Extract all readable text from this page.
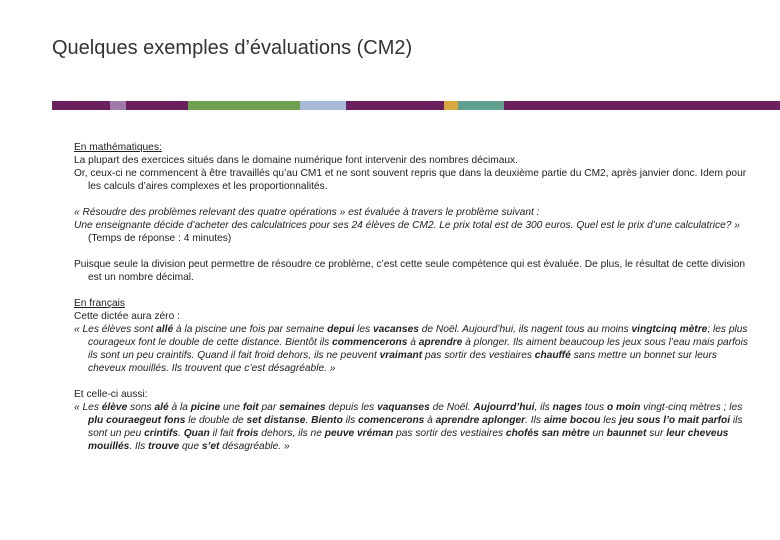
Quelques exemples d’évaluations (CM2)

En mathématiques:

La plupart des exercices situés dans le domaine numérique font intervenir des nombres décimaux.

Or, ceux-ci ne commencent à être travaillés qu’au CM1 et ne sont souvent repris que dans la deuxième partie du CM2, après janvier donc. Idem pour les calculs d’aires complexes et les proportionnalités.

« Résoudre des problèmes relevant des quatre opérations » est évaluée à travers le problème suivant :

Une enseignante décide d’acheter des calculatrices pour ses 24 élèves de CM2. Le prix total est de 300 euros. Quel est le prix d’une calculatrice? » (Temps de réponse : 4 minutes)

Puisque seule la division peut permettre de résoudre ce problème, c’est cette seule compétence qui est évaluée. De plus, le résultat de cette division est un nombre décimal.

En français

Cette dictée aura zéro :

« Les élèves sont allé à la piscine une fois par semaine depui les vacanses de Noël. Aujourd’hui, ils nagent tous au moins vingtcinq mètre; les plus courageux font le double de cette distance. Bientôt ils commencerons à aprendre à plonger. Ils aiment beaucoup les jeux sous l’eau mais parfois ils sont un peu craintifs. Quand il fait froid dehors, ils ne peuvent vraimant pas sortir des vestiaires chauffé sans mettre un bonnet sur leurs cheveux mouillés. Ils trouvent que c’est désagréable. »

Et celle-ci aussi:

« Les élève sons alé à la picine une foit par semaines depuis les vaquanses de Noël. Aujourrd’hui, ils nages tous o moin vingt-cinq mètres ; les plu couraegeut fons le double de set distanse. Biento ils comencerons à aprendre aplonger. Ils aime bocou les jeu sous l’o mait parfoi ils sont un peu crintifs. Quan il fait frois dehors, ils ne peuve vréman pas sortir des vestiaires chofés san mètre un baunnet sur leur cheveus mouillés. Ils trouve que s’et désagréable. »
